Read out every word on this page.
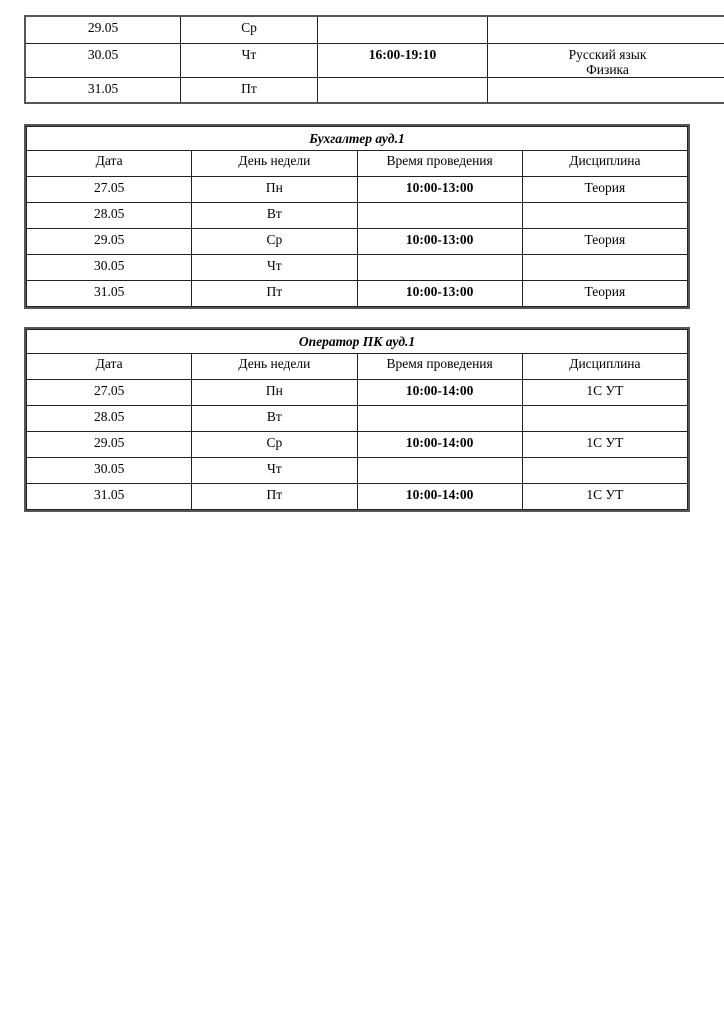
29.05	Ср		
30.05	Чт	16:00-19:10	Русский язык
Физика

31.05	Пт		
Бухгалтер ауд.1			
Дата	День недели	Время проведения	Дисциплина
27.05	Пн	10:00-13:00	Теория
28.05	Вт		
29.05	Ср	10:00-13:00	Теория
30.05	Чт		
31.05	Пт	10:00-13:00	Теория
Оператор ПК ауд.1			
Дата	День недели	Время проведения	Дисциплина
27.05	Пн	10:00-14:00	1С УТ
28.05	Вт		
29.05	Ср	10:00-14:00	1С УТ
30.05	Чт		
31.05	Пт	10:00-14:00	1С УТ
